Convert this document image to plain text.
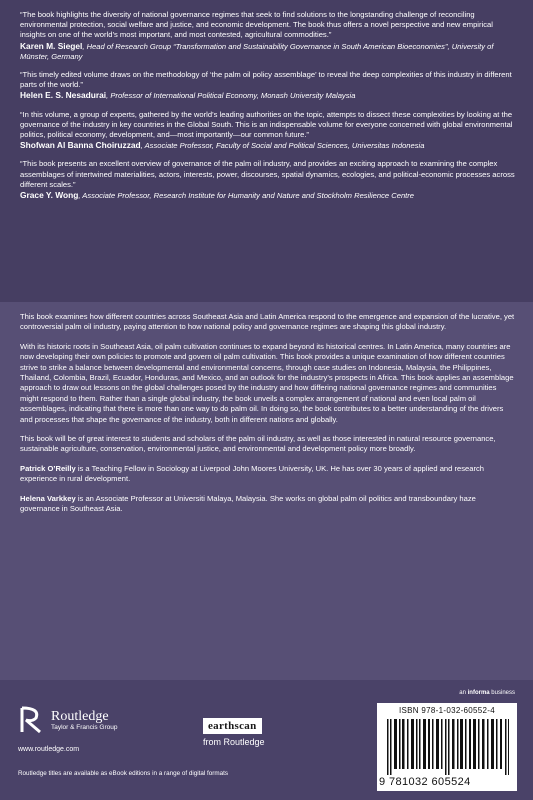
“The book highlights the diversity of national governance regimes that seek to find solutions to the longstanding challenge of reconciling environmental protection, social welfare and justice, and economic development. The book thus offers a novel perspective and new empirical insights on one of the world’s most important, and most contested, agricultural commodities.”
Karen M. Siegel, Head of Research Group “Transformation and Sustainability Governance in South American Bioeconomies”, University of Münster, Germany
“This timely edited volume draws on the methodology of ‘the palm oil policy assemblage’ to reveal the deep complexities of this industry in different parts of the world.”
Helen E. S. Nesadurai, Professor of International Political Economy, Monash University Malaysia
“In this volume, a group of experts, gathered by the world’s leading authorities on the topic, attempts to dissect these complexities by looking at the governance of the industry in key countries in the Global South. This is an indispensable volume for everyone concerned with global environmental politics, political economy, development, and—most importantly—our common future.”
Shofwan Al Banna Choiruzzad, Associate Professor, Faculty of Social and Political Sciences, Universitas Indonesia
“This book presents an excellent overview of governance of the palm oil industry, and provides an exciting approach to examining the complex assemblages of intertwined materialities, actors, interests, power, discourses, spatial dynamics, ecologies, and political-economic processes across different scales.”
Grace Y. Wong, Associate Professor, Research Institute for Humanity and Nature and Stockholm Resilience Centre

This book examines how different countries across Southeast Asia and Latin America respond to the emergence and expansion of the lucrative, yet controversial palm oil industry, paying attention to how national policy and governance regimes are shaping this global industry.

With its historic roots in Southeast Asia, oil palm cultivation continues to expand beyond its historical centres. In Latin America, many countries are now developing their own policies to promote and govern oil palm cultivation. This book provides a unique examination of how different countries strive to strike a balance between developmental and environmental concerns, through case studies on Indonesia, Malaysia, the Philippines, Thailand, Colombia, Brazil, Ecuador, Honduras, and Mexico, and an outlook for the industry’s prospects in Africa. This book applies an assemblage approach to draw out lessons on the global challenges posed by the industry and how differing national governance regimes and communities might respond to them. Rather than a single global industry, the book unveils a complex arrangement of national and even local palm oil assemblages, indicating that there is more than one way to do palm oil. In doing so, the book contributes to a better understanding of the drivers and processes that shape the governance of the industry, both in different nations and globally.

This book will be of great interest to students and scholars of the palm oil industry, as well as those interested in natural resource governance, sustainable agriculture, conservation, environmental justice, and environmental and development policy more broadly.

Patrick O’Reilly is a Teaching Fellow in Sociology at Liverpool John Moores University, UK. He has over 30 years of applied and research experience in rural development.

Helena Varkkey is an Associate Professor at Universiti Malaya, Malaysia. She works on global palm oil politics and transboundary haze governance in Southeast Asia.

an informa business
Routledge
Taylor & Francis Group
www.routledge.com
earthscan
from Routledge
ISBN 978-1-032-60552-4
9 781032 605524
Routledge titles are available as eBook editions in a range of digital formats
